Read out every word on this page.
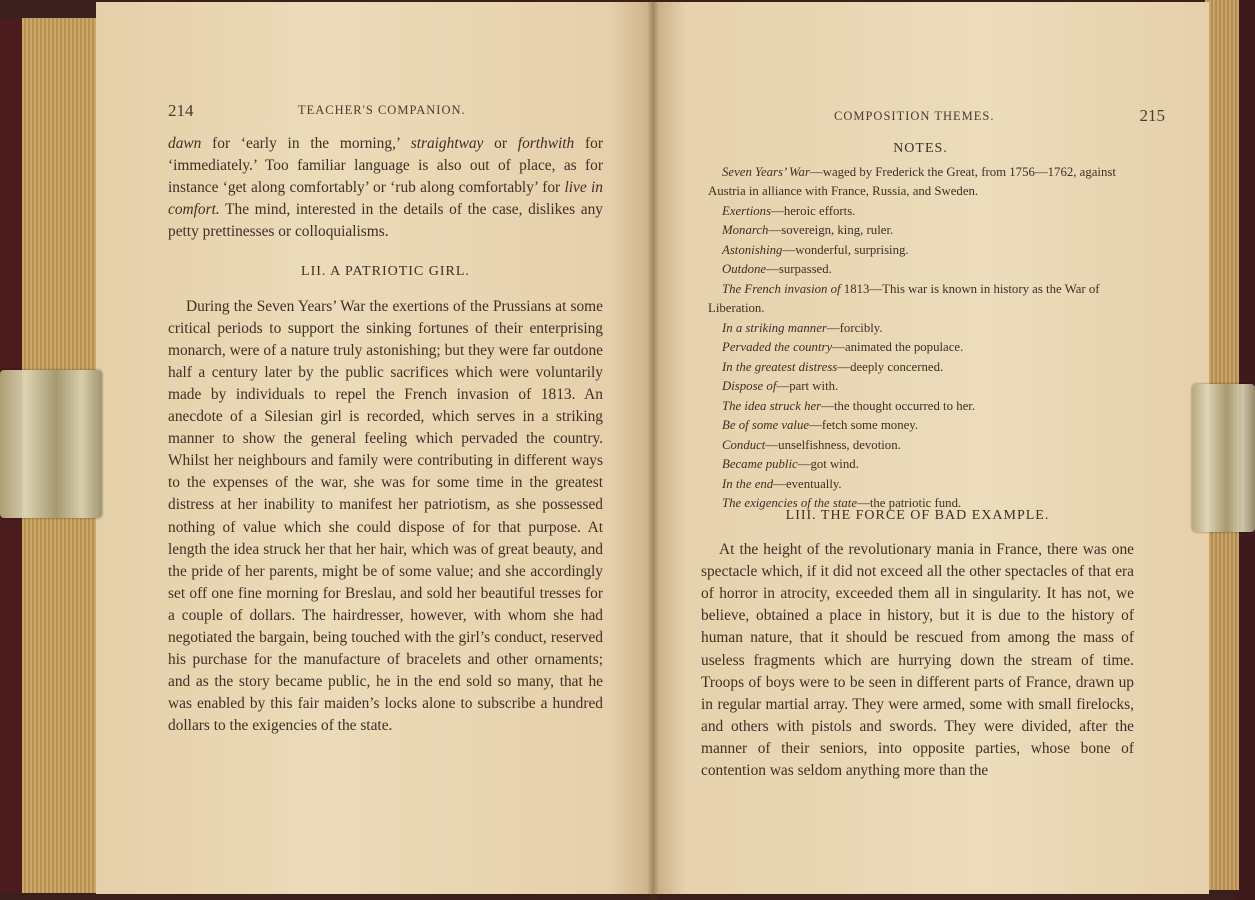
214	TEACHER'S COMPANION.

dawn for ‘early in the morning,’ straightway or forthwith for ‘immediately.’ Too familiar language is also out of place, as for instance ‘get along comfortably’ or ‘rub along comfortably’ for live in comfort. The mind, interested in the details of the case, dislikes any petty prettinesses or colloquialisms.

LII. A PATRIOTIC GIRL.

During the Seven Years’ War the exertions of the Prussians at some critical periods to support the sinking fortunes of their enterprising monarch, were of a nature truly astonishing; but they were far outdone half a century later by the public sacrifices which were voluntarily made by individuals to repel the French invasion of 1813. An anecdote of a Silesian girl is recorded, which serves in a striking manner to show the general feeling which pervaded the country. Whilst her neighbours and family were contributing in different ways to the expenses of the war, she was for some time in the greatest distress at her inability to manifest her patriotism, as she possessed nothing of value which she could dispose of for that purpose. At length the idea struck her that her hair, which was of great beauty, and the pride of her parents, might be of some value; and she accordingly set off one fine morning for Breslau, and sold her beautiful tresses for a couple of dollars. The hairdresser, however, with whom she had negotiated the bargain, being touched with the girl’s conduct, reserved his purchase for the manufacture of bracelets and other ornaments; and as the story became public, he in the end sold so many, that he was enabled by this fair maiden’s locks alone to subscribe a hundred dollars to the exigencies of the state.

COMPOSITION THEMES.	215
NOTES.

Seven Years’ War—waged by Frederick the Great, from 1756—1762, against Austria in alliance with France, Russia, and Sweden.

Exertions—heroic efforts.

Monarch—sovereign, king, ruler.

Astonishing—wonderful, surprising.

Outdone—surpassed.

The French invasion of 1813—This war is known in history as the War of Liberation.

In a striking manner—forcibly.

Pervaded the country—animated the populace.

In the greatest distress—deeply concerned.

Dispose of—part with.

The idea struck her—the thought occurred to her.

Be of some value—fetch some money.

Conduct—unselfishness, devotion.

Became public—got wind.

In the end—eventually.

The exigencies of the state—the patriotic fund.

LIII. THE FORCE OF BAD EXAMPLE.

At the height of the revolutionary mania in France, there was one spectacle which, if it did not exceed all the other spectacles of that era of horror in atrocity, exceeded them all in singularity. It has not, we believe, obtained a place in history, but it is due to the history of human nature, that it should be rescued from among the mass of useless fragments which are hurrying down the stream of time. Troops of boys were to be seen in different parts of France, drawn up in regular martial array. They were armed, some with small firelocks, and others with pistols and swords. They were divided, after the manner of their seniors, into opposite parties, whose bone of contention was seldom anything more than the
